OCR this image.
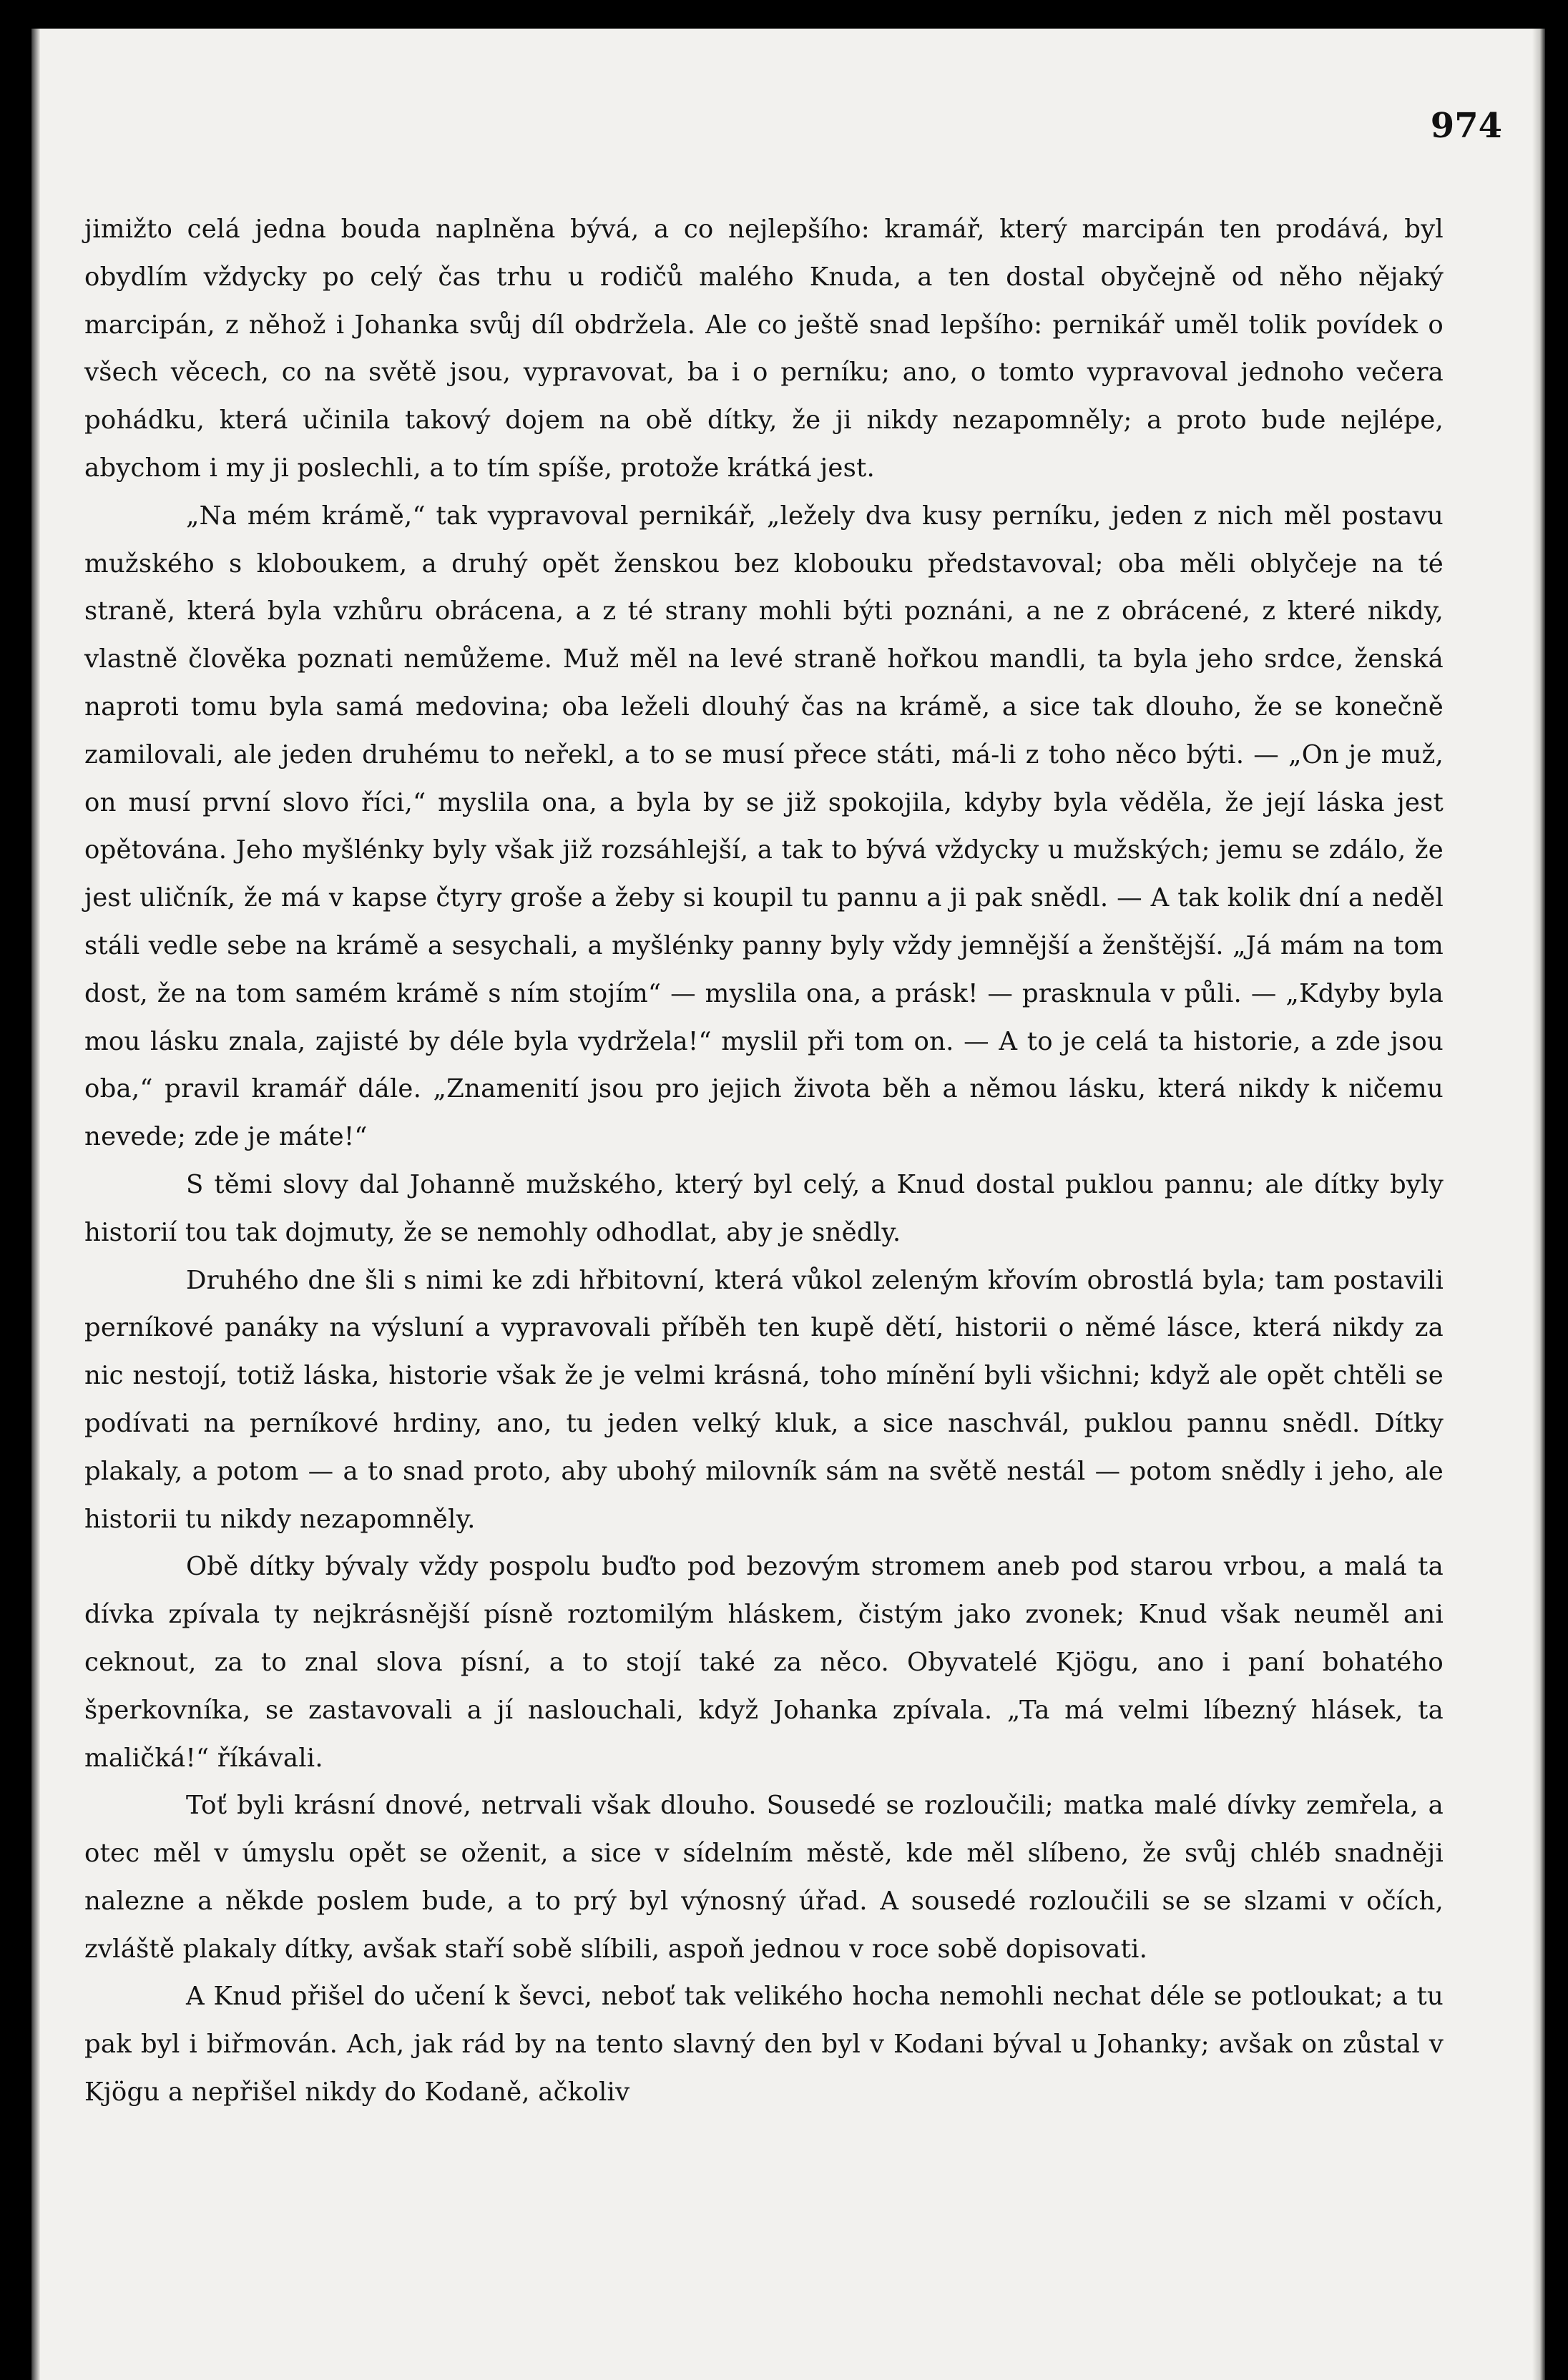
974

jimižto celá jedna bouda naplněna bývá, a co nejlepšího: kramář, který marcipán ten prodává, byl obydlím vždycky po celý čas trhu u rodičů malého Knuda, a ten dostal obyčejně od něho nějaký marcipán, z něhož i Johanka svůj díl obdržela. Ale co ještě snad lepšího: pernikář uměl tolik povídek o všech věcech, co na světě jsou, vypravovat, ba i o perníku; ano, o tomto vypravoval jednoho večera pohádku, která učinila takový dojem na obě dítky, že ji nikdy nezapomněly; a proto bude nejlépe, abychom i my ji poslechli, a to tím spíše, protože krátká jest.

„Na mém krámě,“ tak vypravoval pernikář, „ležely dva kusy perníku, jeden z nich měl postavu mužského s kloboukem, a druhý opět ženskou bez klobouku představoval; oba měli oblyčeje na té straně, která byla vzhůru obrácena, a z té strany mohli býti poznáni, a ne z obrácené, z které nikdy, vlastně člověka poznati nemůžeme. Muž měl na levé straně hořkou mandli, ta byla jeho srdce, ženská naproti tomu byla samá medovina; oba leželi dlouhý čas na krámě, a sice tak dlouho, že se konečně zamilovali, ale jeden druhému to neřekl, a to se musí přece státi, má-li z toho něco býti. — „On je muž, on musí první slovo říci,“ myslila ona, a byla by se již spokojila, kdyby byla věděla, že její láska jest opětována. Jeho myšlénky byly však již rozsáhlejší, a tak to bývá vždycky u mužských; jemu se zdálo, že jest uličník, že má v kapse čtyry groše a žeby si koupil tu pannu a ji pak snědl. — A tak kolik dní a neděl stáli vedle sebe na krámě a sesychali, a myšlénky panny byly vždy jemnější a ženštější. „Já mám na tom dost, že na tom samém krámě s ním stojím“ — myslila ona, a prásk! — prasknula v půli. — „Kdyby byla mou lásku znala, zajisté by déle byla vydržela!“ myslil při tom on. — A to je celá ta historie, a zde jsou oba,“ pravil kramář dále. „Znamenití jsou pro jejich života běh a němou lásku, která nikdy k ničemu nevede; zde je máte!“

S těmi slovy dal Johanně mužského, který byl celý, a Knud dostal puklou pannu; ale dítky byly historií tou tak dojmuty, že se nemohly odhodlat, aby je snědly.

Druhého dne šli s nimi ke zdi hřbitovní, která vůkol zeleným křovím obrostlá byla; tam postavili perníkové panáky na výsluní a vypravovali příběh ten kupě dětí, historii o němé lásce, která nikdy za nic nestojí, totiž láska, historie však že je velmi krásná, toho mínění byli všichni; když ale opět chtěli se podívati na perníkové hrdiny, ano, tu jeden velký kluk, a sice naschvál, puklou pannu snědl. Dítky plakaly, a potom — a to snad proto, aby ubohý milovník sám na světě nestál — potom snědly i jeho, ale historii tu nikdy nezapomněly.

Obě dítky bývaly vždy pospolu buďto pod bezovým stromem aneb pod starou vrbou, a malá ta dívka zpívala ty nejkrásnější písně roztomilým hláskem, čistým jako zvonek; Knud však neuměl ani ceknout, za to znal slova písní, a to stojí také za něco. Obyvatelé Kjögu, ano i paní bohatého šperkovníka, se zastavovali a jí naslouchali, když Johanka zpívala. „Ta má velmi líbezný hlásek, ta maličká!“ říkávali.

Toť byli krásní dnové, netrvali však dlouho. Sousedé se rozloučili; matka malé dívky zemřela, a otec měl v úmyslu opět se oženit, a sice v sídelním městě, kde měl slíbeno, že svůj chléb snadněji nalezne a někde poslem bude, a to prý byl výnosný úřad. A sousedé rozloučili se se slzami v očích, zvláště plakaly dítky, avšak staří sobě slíbili, aspoň jednou v roce sobě dopisovati.

A Knud přišel do učení k ševci, neboť tak velikého hocha nemohli nechat déle se potloukat; a tu pak byl i biřmován. Ach, jak rád by na tento slavný den byl v Kodani býval u Johanky; avšak on zůstal v Kjögu a nepřišel nikdy do Kodaně, ačkoliv
